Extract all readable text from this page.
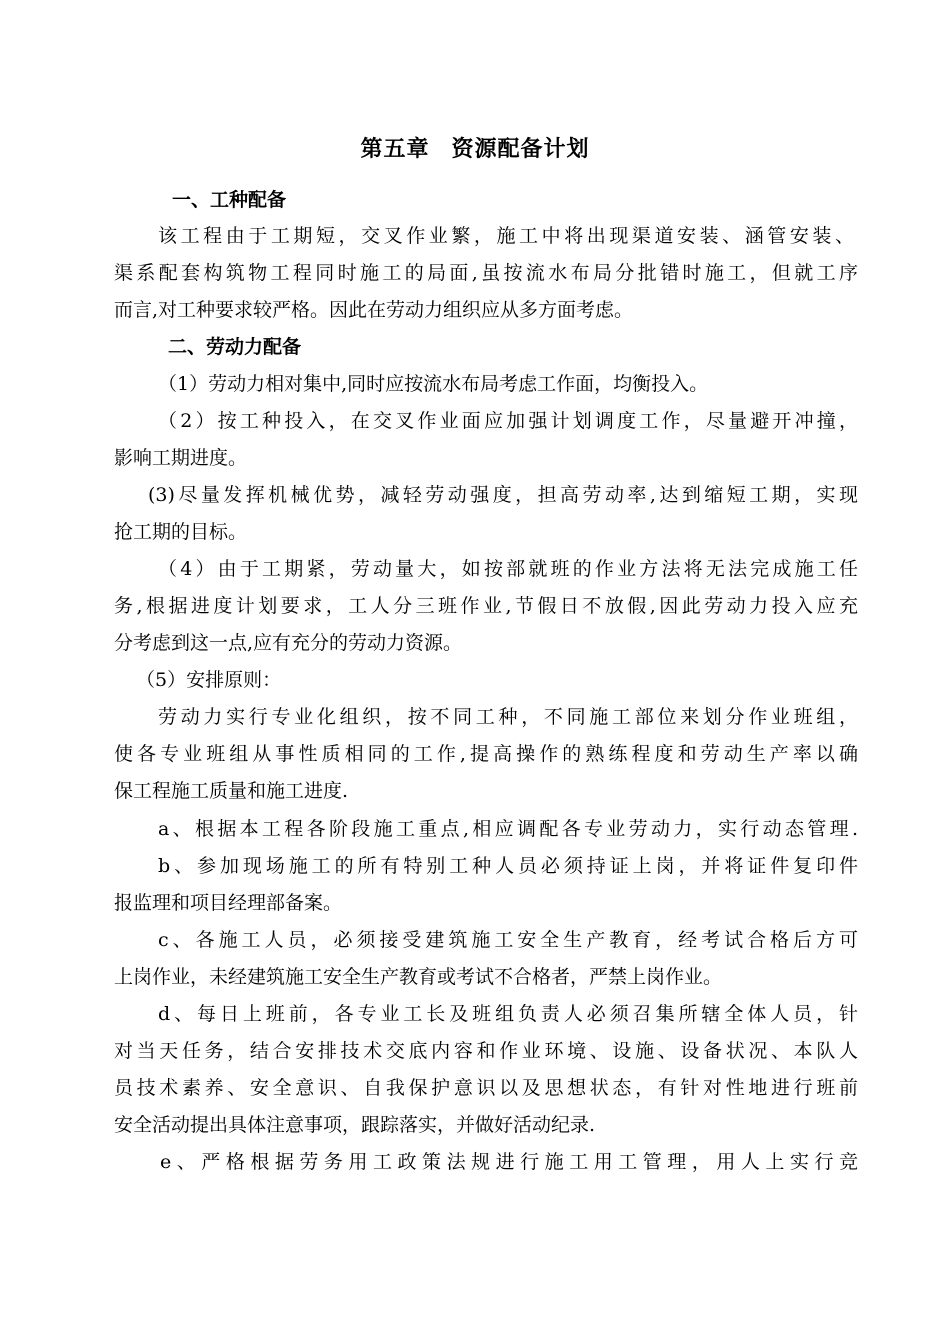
第五章 资源配备计划
一、工种配备
该工程由于工期短，交叉作业繁，施工中将出现渠道安装、涵管安装、
渠系配套构筑物工程同时施工的局面,虽按流水布局分批错时施工，但就工序
而言,对工种要求较严格。因此在劳动力组织应从多方面考虑。
二、劳动力配备
（1）劳动力相对集中,同时应按流水布局考虑工作面，均衡投入。
（2）按工种投入，在交叉作业面应加强计划调度工作，尽量避开冲撞，
影响工期进度。
(3)尽量发挥机械优势，减轻劳动强度，担高劳动率,达到缩短工期，实现
抢工期的目标。
（4）由于工期紧，劳动量大，如按部就班的作业方法将无法完成施工任
务,根据进度计划要求，工人分三班作业,节假日不放假,因此劳动力投入应充
分考虑到这一点,应有充分的劳动力资源。
（5）安排原则：
劳动力实行专业化组织，按不同工种，不同施工部位来划分作业班组，
使各专业班组从事性质相同的工作,提高操作的熟练程度和劳动生产率以确
保工程施工质量和施工进度.
a、根据本工程各阶段施工重点,相应调配各专业劳动力，实行动态管理.
b、参加现场施工的所有特别工种人员必须持证上岗，并将证件复印件
报监理和项目经理部备案。
c、各施工人员，必须接受建筑施工安全生产教育，经考试合格后方可
上岗作业，未经建筑施工安全生产教育或考试不合格者，严禁上岗作业。
d、每日上班前，各专业工长及班组负责人必须召集所辖全体人员，针
对当天任务，结合安排技术交底内容和作业环境、设施、设备状况、本队人
员技术素养、安全意识、自我保护意识以及思想状态，有针对性地进行班前
安全活动提出具体注意事项，跟踪落实，并做好活动纪录.
e、严格根据劳务用工政策法规进行施工用工管理，用人上实行竞
